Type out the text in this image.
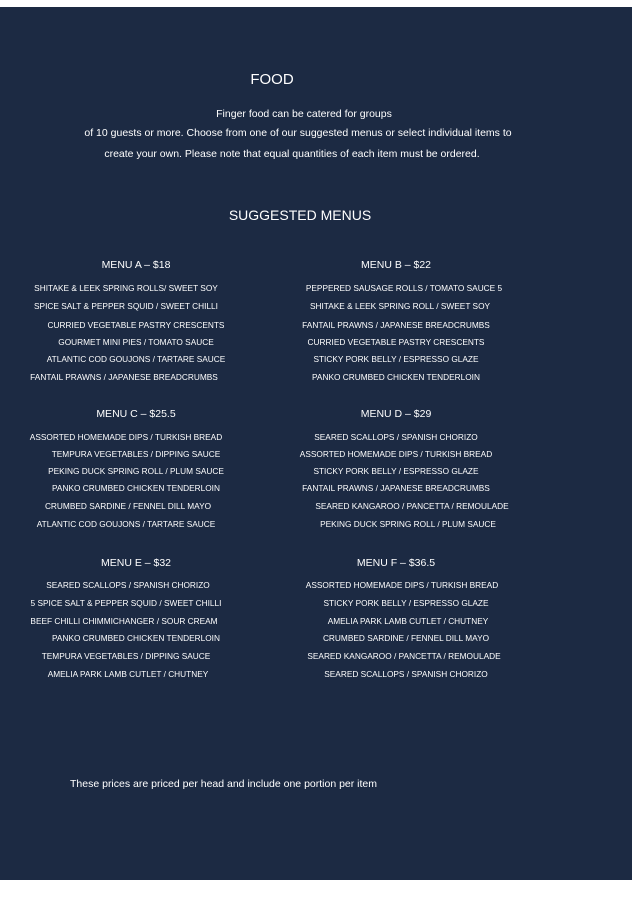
FOOD
Finger food can be catered for groups
of 10 guests or more. Choose from one of our suggested menus or select individual items to
create your own. Please note that equal quantities of each item must be ordered.
SUGGESTED MENUS
MENU A – $18
SHITAKE & LEEK SPRING ROLLS/ SWEET SOY
SPICE SALT & PEPPER SQUID / SWEET CHILLI
CURRIED VEGETABLE PASTRY CRESCENTS
GOURMET MINI PIES / TOMATO SAUCE
ATLANTIC COD GOUJONS / TARTARE SAUCE
FANTAIL PRAWNS / JAPANESE BREADCRUMBS
MENU B – $22
PEPPERED SAUSAGE ROLLS / TOMATO SAUCE 5
SHITAKE & LEEK SPRING ROLL / SWEET SOY
FANTAIL PRAWNS / JAPANESE BREADCRUMBS
CURRIED VEGETABLE PASTRY CRESCENTS
STICKY PORK BELLY / ESPRESSO GLAZE
PANKO CRUMBED CHICKEN TENDERLOIN
MENU C – $25.5
ASSORTED HOMEMADE DIPS / TURKISH BREAD
TEMPURA VEGETABLES / DIPPING SAUCE
PEKING DUCK SPRING ROLL / PLUM SAUCE
PANKO CRUMBED CHICKEN TENDERLOIN
CRUMBED SARDINE / FENNEL DILL MAYO
ATLANTIC COD GOUJONS / TARTARE SAUCE
MENU D – $29
SEARED SCALLOPS / SPANISH CHORIZO
ASSORTED HOMEMADE DIPS / TURKISH BREAD
STICKY PORK BELLY / ESPRESSO GLAZE
FANTAIL PRAWNS / JAPANESE BREADCRUMBS
SEARED KANGAROO / PANCETTA / REMOULADE
PEKING DUCK SPRING ROLL / PLUM SAUCE
MENU E – $32
SEARED SCALLOPS / SPANISH CHORIZO
5 SPICE SALT & PEPPER SQUID / SWEET CHILLI
BEEF CHILLI CHIMMICHANGER / SOUR CREAM
PANKO CRUMBED CHICKEN TENDERLOIN
TEMPURA VEGETABLES / DIPPING SAUCE
AMELIA PARK LAMB CUTLET / CHUTNEY
MENU F – $36.5
ASSORTED HOMEMADE DIPS / TURKISH BREAD
STICKY PORK BELLY / ESPRESSO GLAZE
AMELIA PARK LAMB CUTLET / CHUTNEY
CRUMBED SARDINE / FENNEL DILL MAYO
SEARED KANGAROO / PANCETTA / REMOULADE
SEARED SCALLOPS / SPANISH CHORIZO
These prices are priced per head and include one portion per item
